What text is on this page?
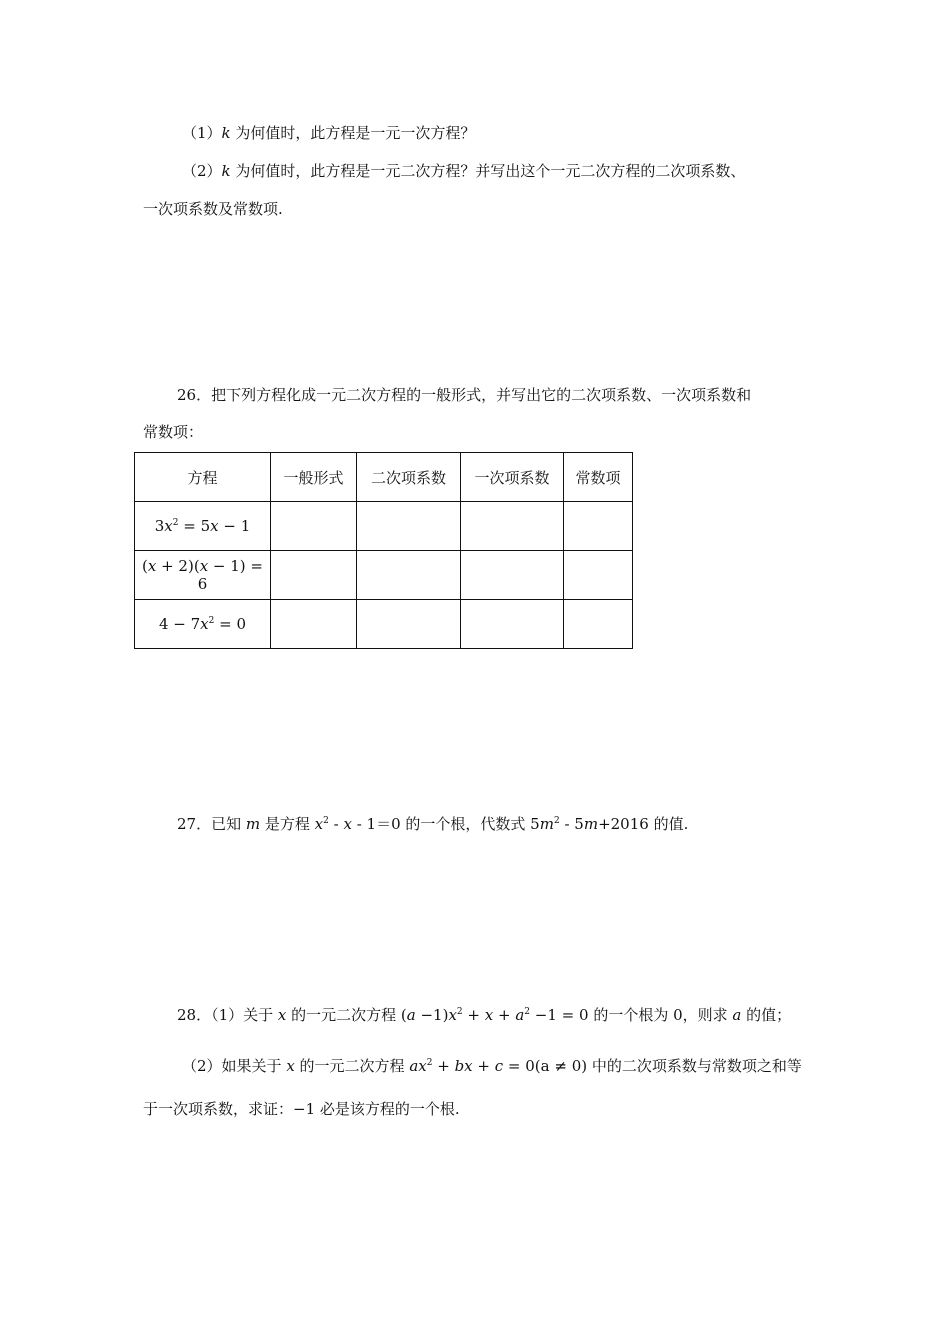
（1）k 为何值时，此方程是一元一次方程？
（2）k 为何值时，此方程是一元二次方程？并写出这个一元二次方程的二次项系数、
一次项系数及常数项.
26．把下列方程化成一元二次方程的一般形式，并写出它的二次项系数、一次项系数和
常数项：
方程	一般形式	二次项系数	一次项系数	常数项
$3x^2 = 5x - 1$				
(x + 2)(x − 1) = 6				
$4 - 7x^2 = 0$				
27．已知 m 是方程 $x^2$ ‑ x ‑ 1＝0 的一个根，代数式 $5m^2$ ‑ 5m+2016 的值.
28．（1）关于 x 的一元二次方程 $(a -1)x^2 + x + a^2 -1 = 0$ 的一个根为 0，则求 a 的值；
（2）如果关于 x 的一元二次方程 $ax^2$ + bx + c = 0(a ≠ 0) 中的二次项系数与常数项之和等
于一次项系数，求证：−1 必是该方程的一个根.
